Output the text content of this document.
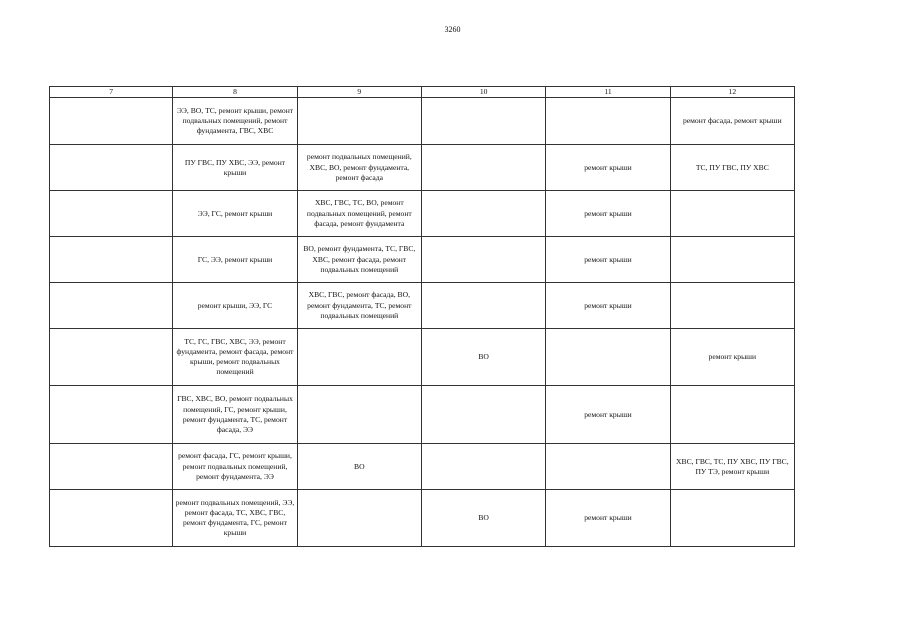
3260
7	8	9	10	11	12
	ЭЭ, ВО, ТС, ремонт крыши, ремонт подвальных помещений, ремонт фундамента, ГВС, ХВС				ремонт фасада, ремонт крыши
	ПУ ГВС, ПУ ХВС, ЭЭ, ремонт крыши	ремонт подвальных помещений, ХВС, ВО, ремонт фундамента, ремонт фасада		ремонт крыши	ТС, ПУ ГВС, ПУ ХВС
	ЭЭ, ГС, ремонт крыши	ХВС, ГВС, ТС, ВО, ремонт подвальных помещений, ремонт фасада, ремонт фундамента		ремонт крыши	
	ГС, ЭЭ, ремонт крыши	ВО, ремонт фундамента, ТС, ГВС, ХВС, ремонт фасада, ремонт подвальных помещений		ремонт крыши	
	ремонт крыши, ЭЭ, ГС	ХВС, ГВС, ремонт фасада, ВО, ремонт фундамента, ТС, ремонт подвальных помещений		ремонт крыши	
	ТС, ГС, ГВС, ХВС, ЭЭ, ремонт фундамента, ремонт фасада, ремонт крыши, ремонт подвальных помещений		ВО		ремонт крыши
	ГВС, ХВС, ВО, ремонт подвальных помещений, ГС, ремонт крыши, ремонт фундамента, ТС, ремонт фасада, ЭЭ			ремонт крыши	
	ремонт фасада, ГС, ремонт крыши, ремонт подвальных помещений, ремонт фундамента, ЭЭ	ВО			ХВС, ГВС, ТС, ПУ ХВС, ПУ ГВС, ПУ ТЭ, ремонт крыши
	ремонт подвальных помещений, ЭЭ, ремонт фасада, ТС, ХВС, ГВС, ремонт фундамента, ГС, ремонт крыши		ВО	ремонт крыши	
